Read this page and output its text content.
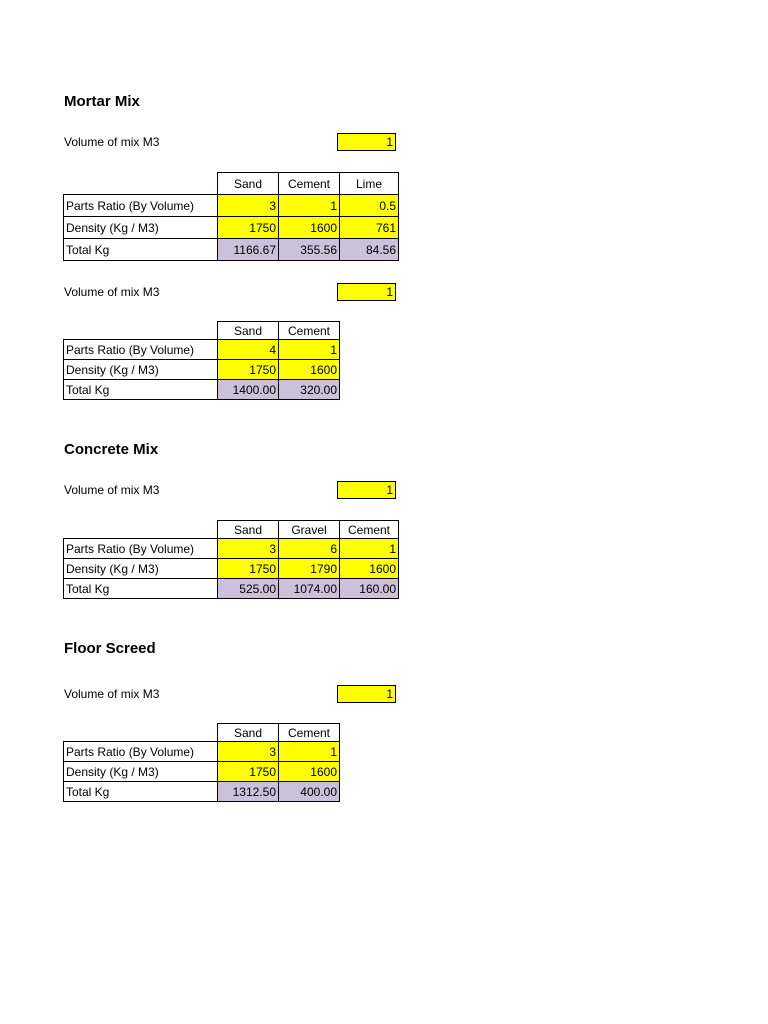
Mortar Mix
Volume of mix M3	1
	Sand	Cement	Lime
Parts Ratio (By Volume)	3	1	0.5
Density (Kg / M3)	1750	1600	761
Total Kg	1166.67	355.56	84.56
Volume of mix M3	1
	Sand	Cement
Parts Ratio (By Volume)	4	1
Density (Kg / M3)	1750	1600
Total Kg	1400.00	320.00
Concrete Mix
Volume of mix M3	1
	Sand	Gravel	Cement
Parts Ratio (By Volume)	3	6	1
Density (Kg / M3)	1750	1790	1600
Total Kg	525.00	1074.00	160.00
Floor Screed
Volume of mix M3	1
	Sand	Cement
Parts Ratio (By Volume)	3	1
Density (Kg / M3)	1750	1600
Total Kg	1312.50	400.00
